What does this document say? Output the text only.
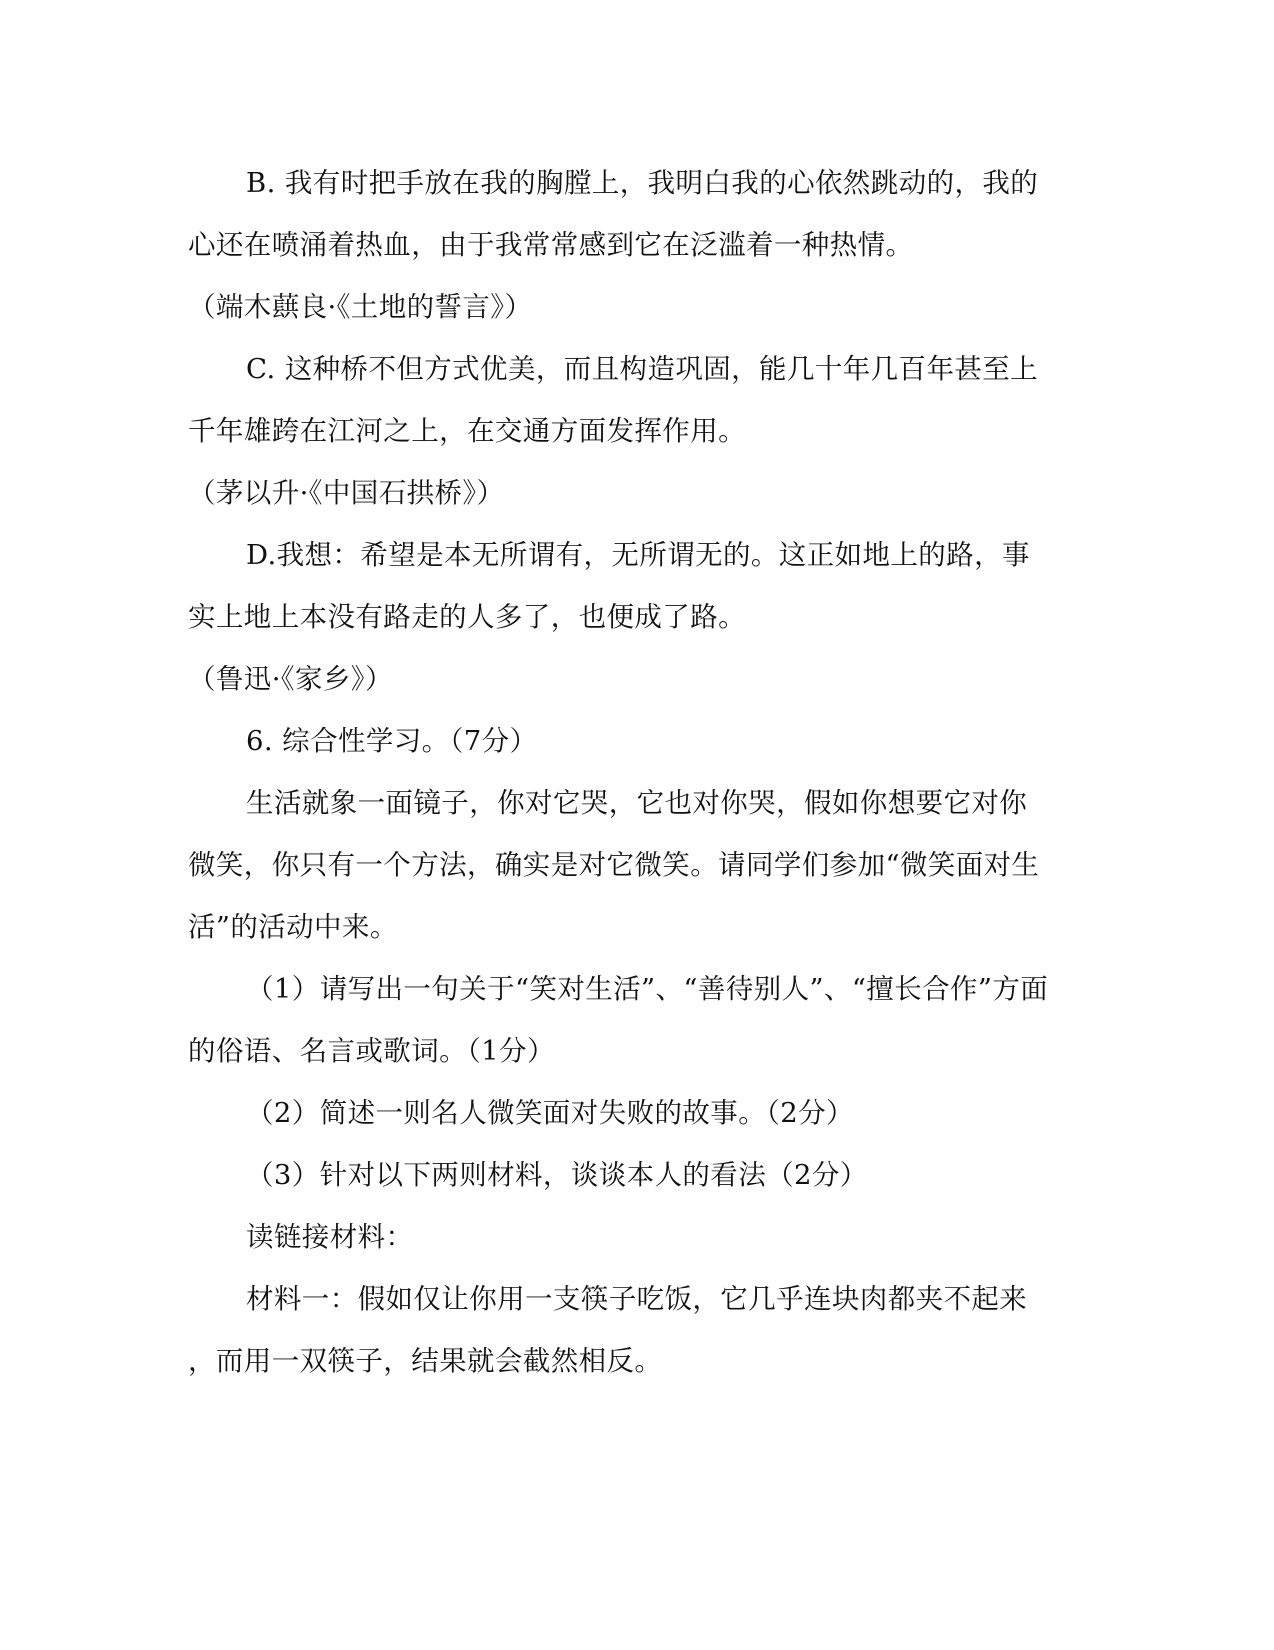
B. 我有时把手放在我的胸膛上，我明白我的心依然跳动的，我的
心还在喷涌着热血，由于我常常感到它在泛滥着一种热情。
（端木蕻良·《土地的誓言》）
C. 这种桥不但方式优美，而且构造巩固，能几十年几百年甚至上
千年雄跨在江河之上，在交通方面发挥作用。
（茅以升·《中国石拱桥》）
D.我想：希望是本无所谓有，无所谓无的。这正如地上的路，事
实上地上本没有路走的人多了，也便成了路。
（鲁迅·《家乡》）
6. 综合性学习。（7分）
生活就象一面镜子，你对它哭，它也对你哭，假如你想要它对你
微笑，你只有一个方法，确实是对它微笑。请同学们参加“微笑面对生
活”的活动中来。
（1）请写出一句关于“笑对生活”、“善待别人”、“擅长合作”方面
的俗语、名言或歌词。（1分）
（2）简述一则名人微笑面对失败的故事。（2分）
（3）针对以下两则材料，谈谈本人的看法（2分）
读链接材料：
材料一：假如仅让你用一支筷子吃饭，它几乎连块肉都夹不起来
，而用一双筷子，结果就会截然相反。
